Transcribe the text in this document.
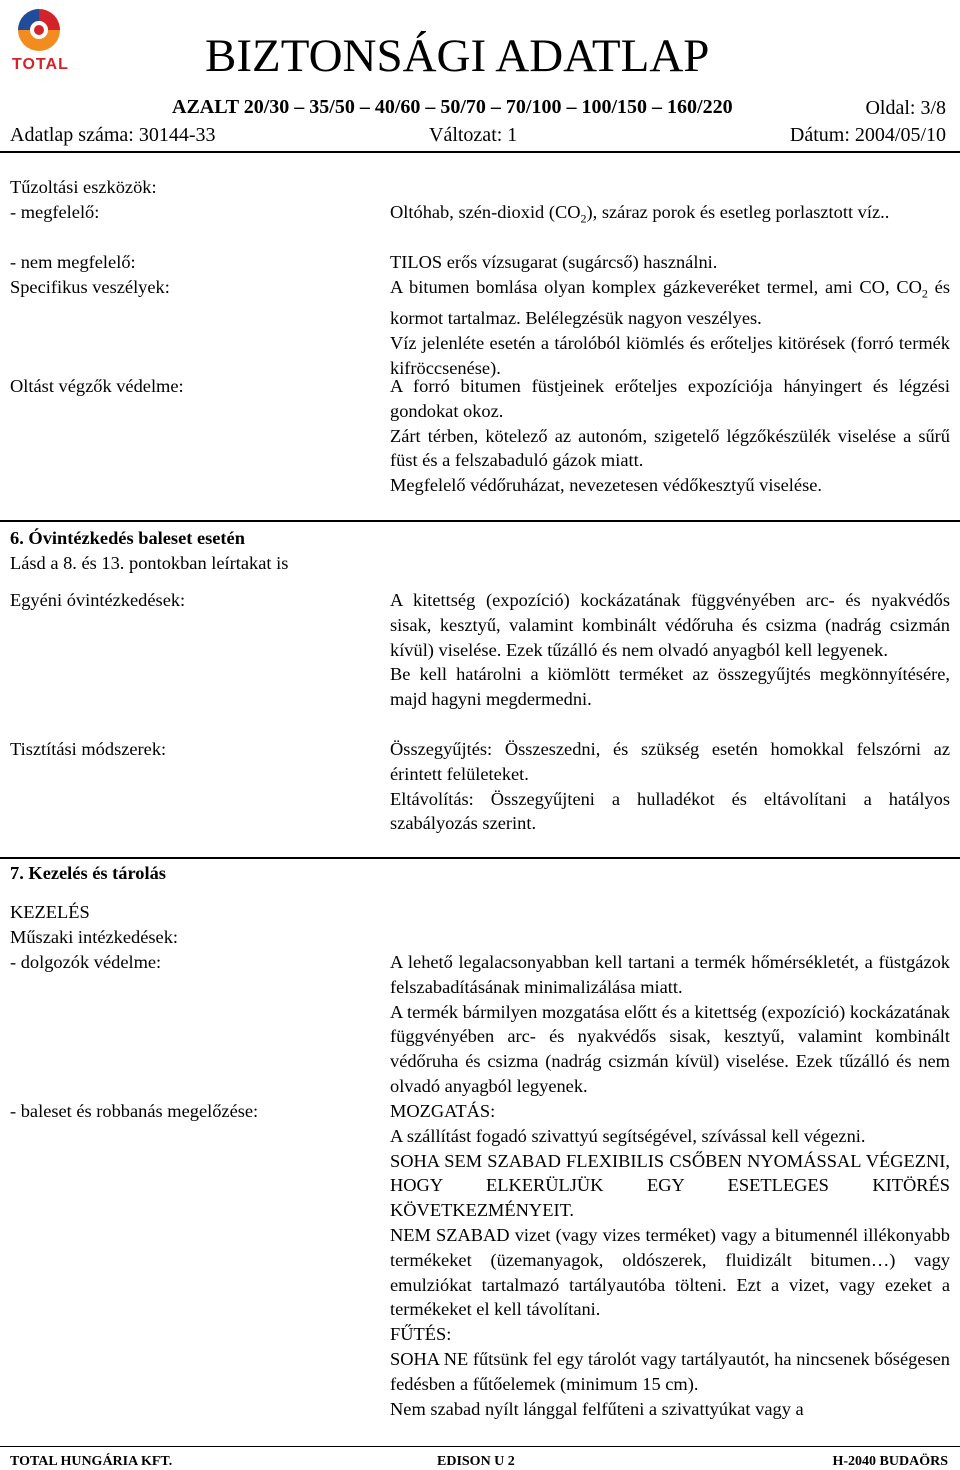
TOTAL	BIZTONSÁGI ADATLAP
AZALT 20/30 – 35/50 – 40/60 – 50/70 – 70/100 – 100/150 – 160/220	Oldal: 3/8
Adatlap száma: 30144-33	Változat: 1	Dátum: 2004/05/10
Tűzoltási eszközök:
- megfelelő:	Oltóhab, szén-dioxid $(CO_2)$, száraz porok és esetleg porlasztott víz..

- nem megfelelő:	TILOS erős vízsugarat (sugárcső) használni.
Specifikus veszélyek:	A bitumen bomlása olyan komplex gázkeveréket termel, ami CO, $CO_2$ és kormot tartalmaz. Belélegzésük nagyon veszélyes.

Víz jelenléte esetén a tárolóból kiömlés és erőteljes kitörések (forró termék kifröccsenése).

Oltást végzők védelme:	A forró bitumen füstjeinek erőteljes expozíciója hányingert és légzési gondokat okoz.

Zárt térben, kötelező az autonóm, szigetelő légzőkészülék viselése a sűrű füst és a felszabaduló gázok miatt.

Megfelelő védőruházat, nevezetesen védőkesztyű viselése.

6. Óvintézkedés baleset esetén
Lásd a 8. és 13. pontokban leírtakat is
Egyéni óvintézkedések:	A kitettség (expozíció) kockázatának függvényében arc- és nyakvédős sisak, kesztyű, valamint kombinált védőruha és csizma (nadrág csizmán kívül) viselése. Ezek tűzálló és nem olvadó anyagból kell legyenek.

Be kell határolni a kiömlött terméket az összegyűjtés megkönnyítésére, majd hagyni megdermedni.

Tisztítási módszerek:	Összegyűjtés: Összeszedni, és szükség esetén homokkal felszórni az érintett felületeket.

Eltávolítás: Összegyűjteni a hulladékot és eltávolítani a hatályos szabályozás szerint.

7. Kezelés és tárolás
KEZELÉS
Műszaki intézkedések:
- dolgozók védelme:	A lehető legalacsonyabban kell tartani a termék hőmérsékletét, a füstgázok felszabadításának minimalizálása miatt.

A termék bármilyen mozgatása előtt és a kitettség (expozíció) kockázatának függvényében arc- és nyakvédős sisak, kesztyű, valamint kombinált védőruha és csizma (nadrág csizmán kívül) viselése. Ezek tűzálló és nem olvadó anyagból legyenek.

- baleset és robbanás megelőzése:	MOZGATÁS:

A szállítást fogadó szivattyú segítségével, szívással kell végezni.

SOHA SEM SZABAD FLEXIBILIS CSŐBEN NYOMÁSSAL VÉGEZNI, HOGY ELKERÜLJÜK EGY ESETLEGES KITÖRÉS KÖVETKEZMÉNYEIT.

NEM SZABAD vizet (vagy vizes terméket) vagy a bitumennél illékonyabb termékeket (üzemanyagok, oldószerek, fluidizált bitumen…) vagy emulziókat tartalmazó tartályautóba tölteni. Ezt a vizet, vagy ezeket a termékeket el kell távolítani.

FŰTÉS:

SOHA NE fűtsünk fel egy tárolót vagy tartályautót, ha nincsenek bőségesen fedésben a fűtőelemek (minimum 15 cm).

Nem szabad nyílt lánggal felfűteni a szivattyúkat vagy a

TOTAL HUNGÁRIA KFT.	EDISON U 2	H-2040 BUDAÖRS
